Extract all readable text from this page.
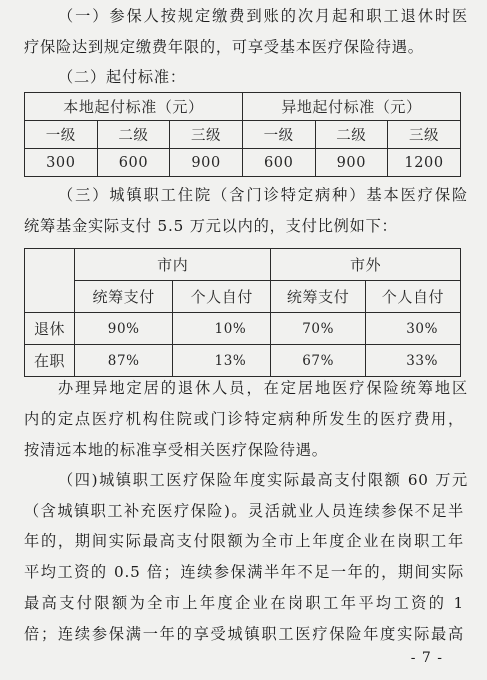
（一）参保人按规定缴费到账的次月起和职工退休时医
疗保险达到规定缴费年限的，可享受基本医疗保险待遇。
（二）起付标准：
本地起付标准（元）			异地起付标准（元）		
一级	二级	三级	一级	二级	三级
300	600	900	600	900	1200
（三）城镇职工住院（含门诊特定病种）基本医疗保险
统筹基金实际支付 5.5 万元以内的，支付比例如下：
	市内		市外	
	统筹支付	个人自付	统筹支付	个人自付
退休	90%	10%	70%	30%
在职	87%	13%	67%	33%
办理异地定居的退休人员，在定居地医疗保险统筹地区
内的定点医疗机构住院或门诊特定病种所发生的医疗费用，
按清远本地的标准享受相关医疗保险待遇。
（四)城镇职工医疗保险年度实际最高支付限额 60 万元
（含城镇职工补充医疗保险)。灵活就业人员连续参保不足半
年的，期间实际最高支付限额为全市上年度企业在岗职工年
平均工资的 0.5 倍；连续参保满半年不足一年的，期间实际
最高支付限额为全市上年度企业在岗职工年平均工资的 1
倍；连续参保满一年的享受城镇职工医疗保险年度实际最高
- 7 -
